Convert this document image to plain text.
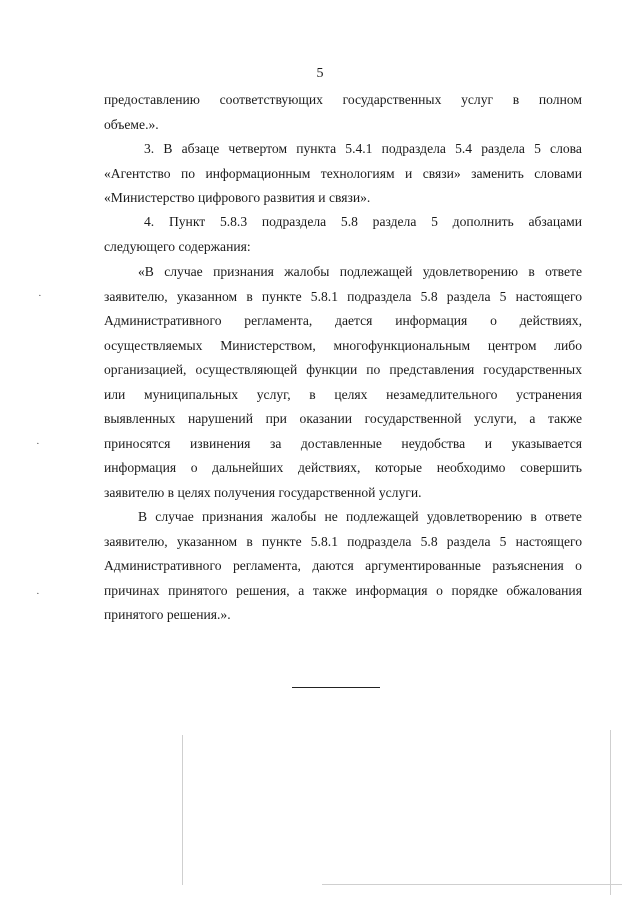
5
предоставлению соответствующих государственных услуг в полном
объеме.».
3. В абзаце четвертом пункта 5.4.1 подраздела 5.4 раздела 5 слова
«Агентство по информационным технологиям и связи» заменить словами
«Министерство цифрового развития и связи».
4. Пункт 5.8.3 подраздела 5.8 раздела 5 дополнить абзацами
следующего содержания:
«В случае признания жалобы подлежащей удовлетворению в ответе
заявителю, указанном в пункте 5.8.1 подраздела 5.8 раздела 5 настоящего
Административного регламента, дается информация о действиях,
осуществляемых Министерством, многофункциональным центром либо
организацией, осуществляющей функции по представления государственных
или муниципальных услуг, в целях незамедлительного устранения
выявленных нарушений при оказании государственной услуги, а также
приносятся извинения за доставленные неудобства и указывается
информация о дальнейших действиях, которые необходимо совершить
заявителю в целях получения государственной услуги.
В случае признания жалобы не подлежащей удовлетворению в ответе
заявителю, указанном в пункте 5.8.1 подраздела 5.8 раздела 5 настоящего
Административного регламента, даются аргументированные разъяснения о
причинах принятого решения, а также информация о порядке обжалования
принятого решения.».
·
·
·
